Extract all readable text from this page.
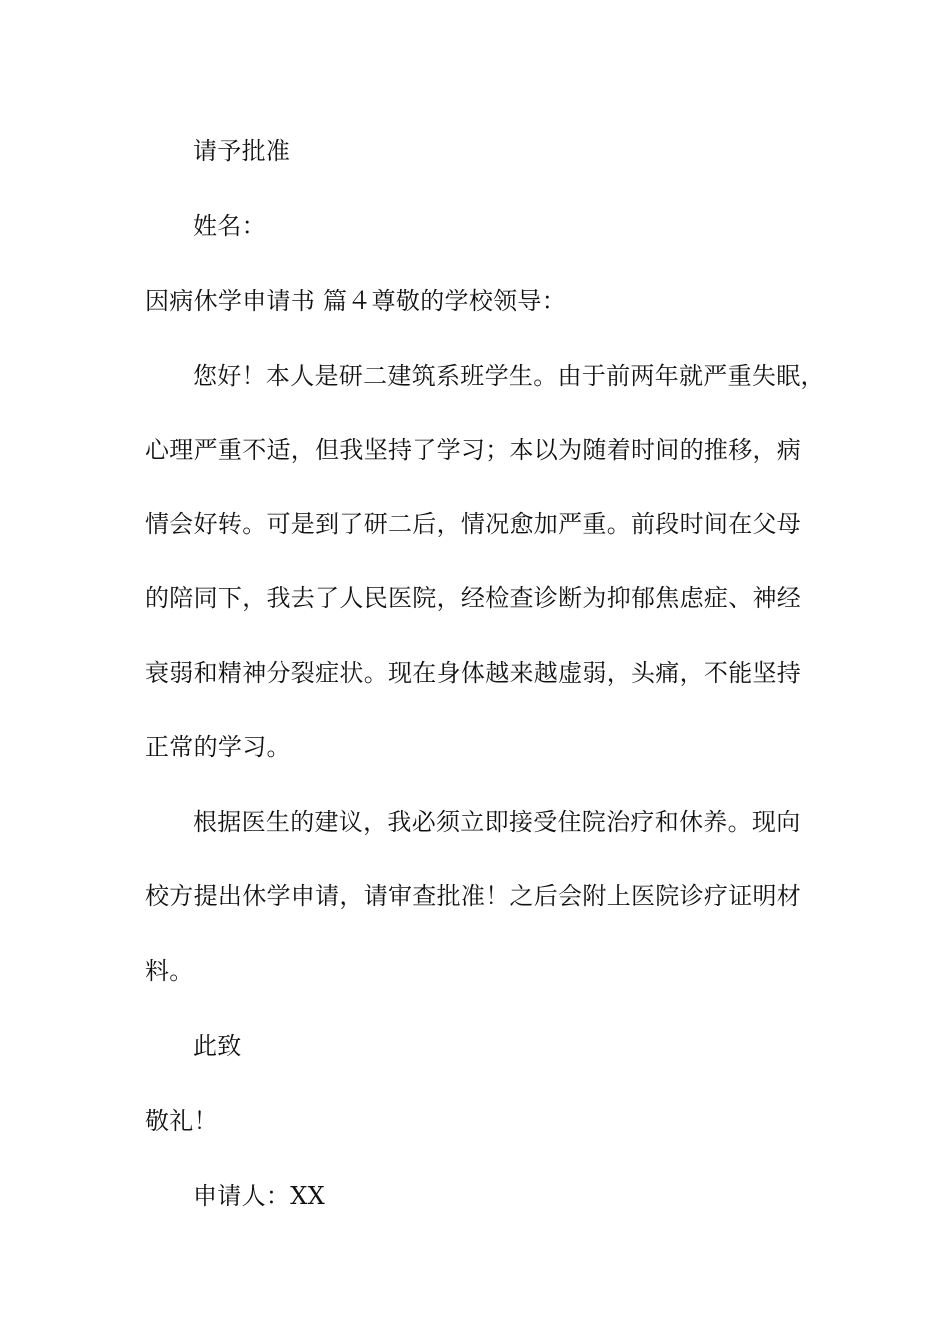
请予批准
姓名：
因病休学申请书 篇４尊敬的学校领导：
您好！本人是研二建筑系班学生。由于前两年就严重失眠，
心理严重不适，但我坚持了学习；本以为随着时间的推移，病
情会好转。可是到了研二后，情况愈加严重。前段时间在父母
的陪同下，我去了人民医院，经检查诊断为抑郁焦虑症、神经
衰弱和精神分裂症状。现在身体越来越虚弱，头痛，不能坚持
正常的学习。
根据医生的建议，我必须立即接受住院治疗和休养。现向
校方提出休学申请，请审查批准！之后会附上医院诊疗证明材
料。
此致
敬礼！
申请人：XX
